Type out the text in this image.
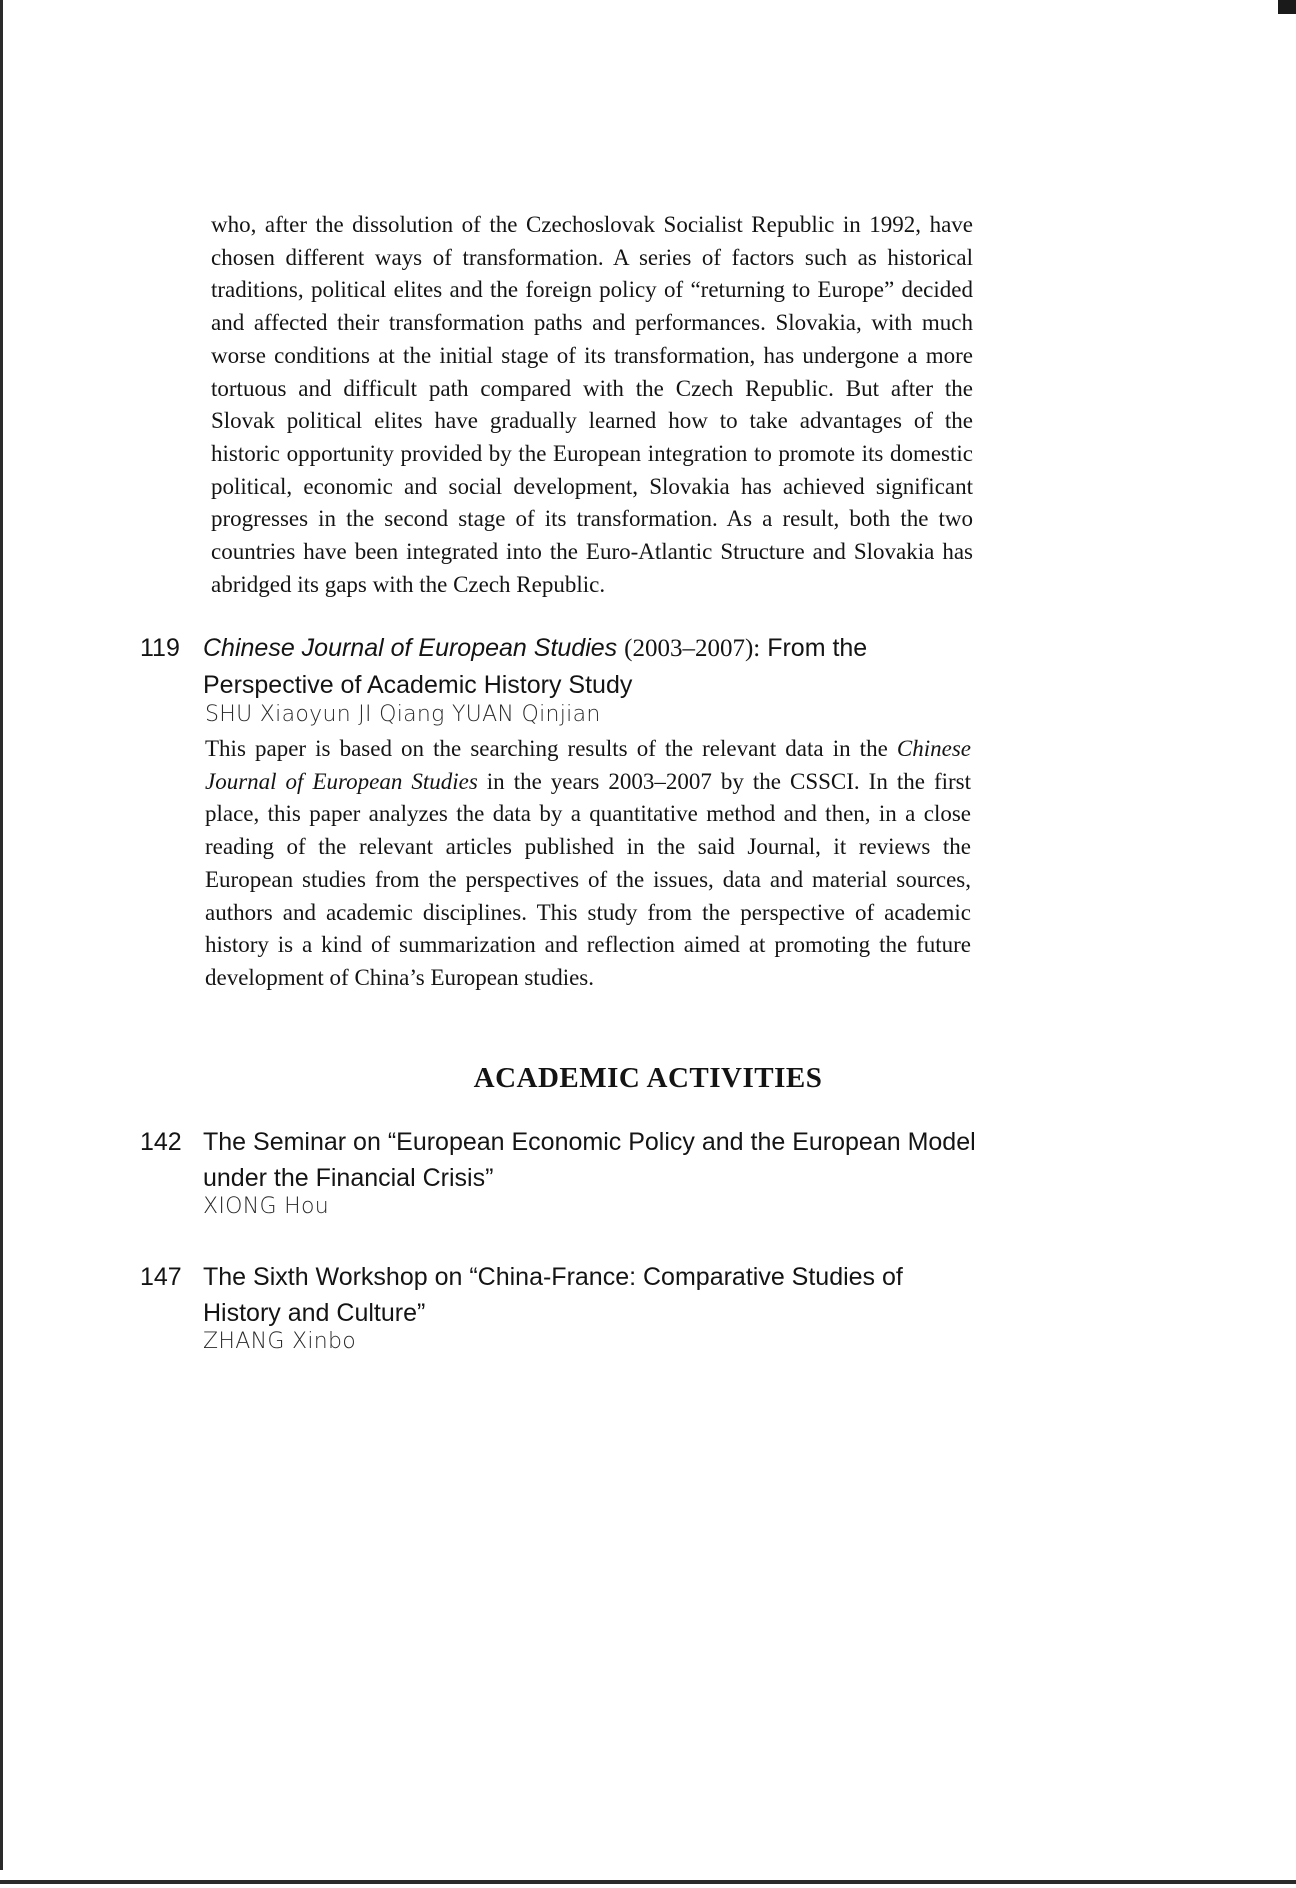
who, after the dissolution of the Czechoslovak Socialist Republic in 1992, have chosen different ways of transformation. A series of factors such as historical traditions, political elites and the foreign policy of “returning to Europe” decided and affected their transformation paths and performances. Slovakia, with much worse conditions at the initial stage of its transformation, has undergone a more tortuous and difficult path compared with the Czech Republic. But after the Slovak political elites have gradually learned how to take advantages of the historic opportunity provided by the European integration to promote its domestic political, economic and social development, Slovakia has achieved significant progresses in the second stage of its transformation. As a result, both the two countries have been integrated into the Euro-Atlantic Structure and Slovakia has abridged its gaps with the Czech Republic.

119 Chinese Journal of European Studies (2003–2007): From the Perspective of Academic History Study

SHU Xiaoyun JI Qiang YUAN Qinjian

This paper is based on the searching results of the relevant data in the Chinese Journal of European Studies in the years 2003–2007 by the CSSCI. In the first place, this paper analyzes the data by a quantitative method and then, in a close reading of the relevant articles published in the said Journal, it reviews the European studies from the perspectives of the issues, data and material sources, authors and academic disciplines. This study from the perspective of academic history is a kind of summarization and reflection aimed at promoting the future development of China’s European studies.

ACADEMIC ACTIVITIES
142 The Seminar on “European Economic Policy and the European Model under the Financial Crisis”

XIONG Hou
147 The Sixth Workshop on “China-France: Comparative Studies of History and Culture”

ZHANG Xinbo
